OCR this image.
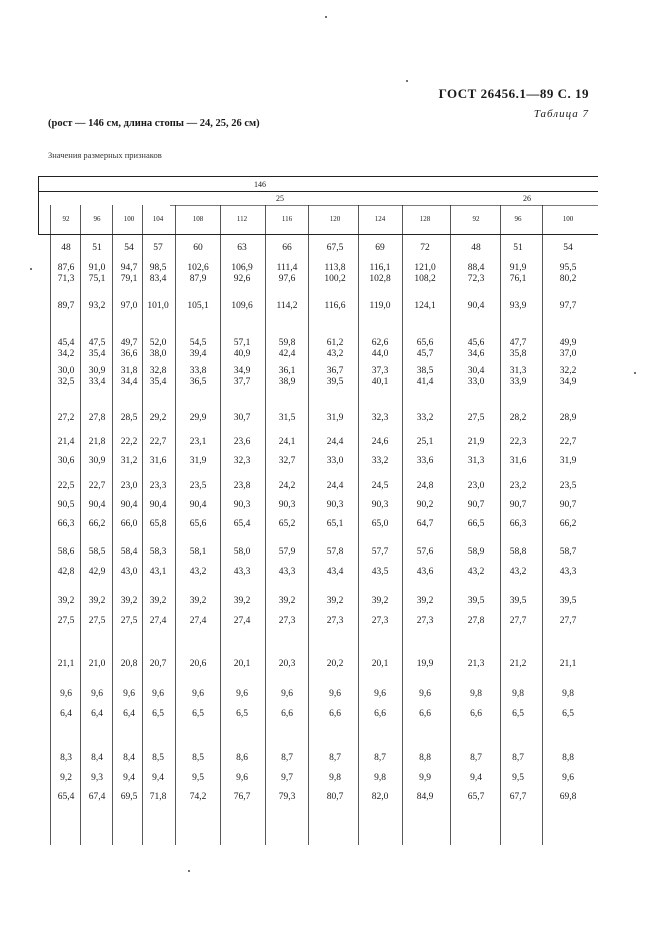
ГОСТ 26456.1—89 С. 19
Таблица 7
(рост — 146 см, длина стопы — 24, 25, 26 см)
Значения размерных признаков
146
25	26
92	96	100	104	108	112	116	120	124	128	92	96	100
48	51	54	57	60	63	66	67,5	69	72	48	51	54
87,6	91,0	94,7	98,5	102,6	106,9	111,4	113,8	116,1	121,0	88,4	91,9	95,5
71,3	75,1	79,1	83,4	87,9	92,6	97,6	100,2	102,8	108,2	72,3	76,1	80,2
89,7	93,2	97,0	101,0	105,1	109,6	114,2	116,6	119,0	124,1	90,4	93,9	97,7
45,4	47,5	49,7	52,0	54,5	57,1	59,8	61,2	62,6	65,6	45,6	47,7	49,9
34,2	35,4	36,6	38,0	39,4	40,9	42,4	43,2	44,0	45,7	34,6	35,8	37,0
30,0	30,9	31,8	32,8	33,8	34,9	36,1	36,7	37,3	38,5	30,4	31,3	32,2
32,5	33,4	34,4	35,4	36,5	37,7	38,9	39,5	40,1	41,4	33,0	33,9	34,9
27,2	27,8	28,5	29,2	29,9	30,7	31,5	31,9	32,3	33,2	27,5	28,2	28,9
21,4	21,8	22,2	22,7	23,1	23,6	24,1	24,4	24,6	25,1	21,9	22,3	22,7
30,6	30,9	31,2	31,6	31,9	32,3	32,7	33,0	33,2	33,6	31,3	31,6	31,9
22,5	22,7	23,0	23,3	23,5	23,8	24,2	24,4	24,5	24,8	23,0	23,2	23,5
90,5	90,4	90,4	90,4	90,4	90,3	90,3	90,3	90,3	90,2	90,7	90,7	90,7
66,3	66,2	66,0	65,8	65,6	65,4	65,2	65,1	65,0	64,7	66,5	66,3	66,2
58,6	58,5	58,4	58,3	58,1	58,0	57,9	57,8	57,7	57,6	58,9	58,8	58,7
42,8	42,9	43,0	43,1	43,2	43,3	43,3	43,4	43,5	43,6	43,2	43,2	43,3
39,2	39,2	39,2	39,2	39,2	39,2	39,2	39,2	39,2	39,2	39,5	39,5	39,5
27,5	27,5	27,5	27,4	27,4	27,4	27,3	27,3	27,3	27,3	27,8	27,7	27,7
21,1	21,0	20,8	20,7	20,6	20,1	20,3	20,2	20,1	19,9	21,3	21,2	21,1
9,6	9,6	9,6	9,6	9,6	9,6	9,6	9,6	9,6	9,6	9,8	9,8	9,8
6,4	6,4	6,4	6,5	6,5	6,5	6,6	6,6	6,6	6,6	6,6	6,5	6,5
8,3	8,4	8,4	8,5	8,5	8,6	8,7	8,7	8,7	8,8	8,7	8,7	8,8
9,2	9,3	9,4	9,4	9,5	9,6	9,7	9,8	9,8	9,9	9,4	9,5	9,6
65,4	67,4	69,5	71,8	74,2	76,7	79,3	80,7	82,0	84,9	65,7	67,7	69,8
